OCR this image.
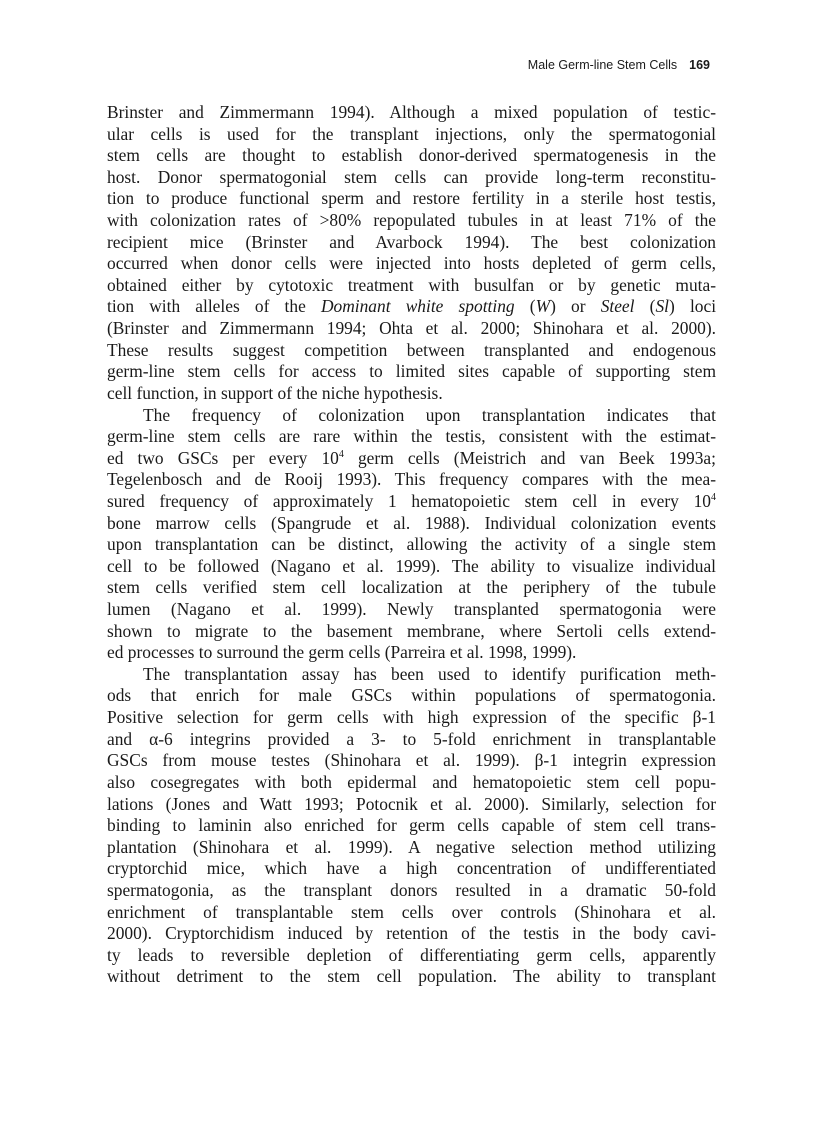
Male Germ-line Stem Cells 169
Brinster and Zimmermann 1994). Although a mixed population of testic-
ular cells is used for the transplant injections, only the spermatogonial
stem cells are thought to establish donor-derived spermatogenesis in the
host. Donor spermatogonial stem cells can provide long-term reconstitu-
tion to produce functional sperm and restore fertility in a sterile host testis,
with colonization rates of >80% repopulated tubules in at least 71% of the
recipient mice (Brinster and Avarbock 1994). The best colonization
occurred when donor cells were injected into hosts depleted of germ cells,
obtained either by cytotoxic treatment with busulfan or by genetic muta-
tion with alleles of the Dominant white spotting (W) or Steel (Sl) loci
(Brinster and Zimmermann 1994; Ohta et al. 2000; Shinohara et al. 2000).
These results suggest competition between transplanted and endogenous
germ-line stem cells for access to limited sites capable of supporting stem
cell function, in support of the niche hypothesis.
The frequency of colonization upon transplantation indicates that
germ-line stem cells are rare within the testis, consistent with the estimat-
ed two GSCs per every $10^4$ germ cells (Meistrich and van Beek 1993a;
Tegelenbosch and de Rooij 1993). This frequency compares with the mea-
sured frequency of approximately 1 hematopoietic stem cell in every $10^4$
bone marrow cells (Spangrude et al. 1988). Individual colonization events
upon transplantation can be distinct, allowing the activity of a single stem
cell to be followed (Nagano et al. 1999). The ability to visualize individual
stem cells verified stem cell localization at the periphery of the tubule
lumen (Nagano et al. 1999). Newly transplanted spermatogonia were
shown to migrate to the basement membrane, where Sertoli cells extend-
ed processes to surround the germ cells (Parreira et al. 1998, 1999).
The transplantation assay has been used to identify purification meth-
ods that enrich for male GSCs within populations of spermatogonia.
Positive selection for germ cells with high expression of the specific β-1
and α-6 integrins provided a 3- to 5-fold enrichment in transplantable
GSCs from mouse testes (Shinohara et al. 1999). β-1 integrin expression
also cosegregates with both epidermal and hematopoietic stem cell popu-
lations (Jones and Watt 1993; Potocnik et al. 2000). Similarly, selection for
binding to laminin also enriched for germ cells capable of stem cell trans-
plantation (Shinohara et al. 1999). A negative selection method utilizing
cryptorchid mice, which have a high concentration of undifferentiated
spermatogonia, as the transplant donors resulted in a dramatic 50-fold
enrichment of transplantable stem cells over controls (Shinohara et al.
2000). Cryptorchidism induced by retention of the testis in the body cavi-
ty leads to reversible depletion of differentiating germ cells, apparently
without detriment to the stem cell population. The ability to transplant
